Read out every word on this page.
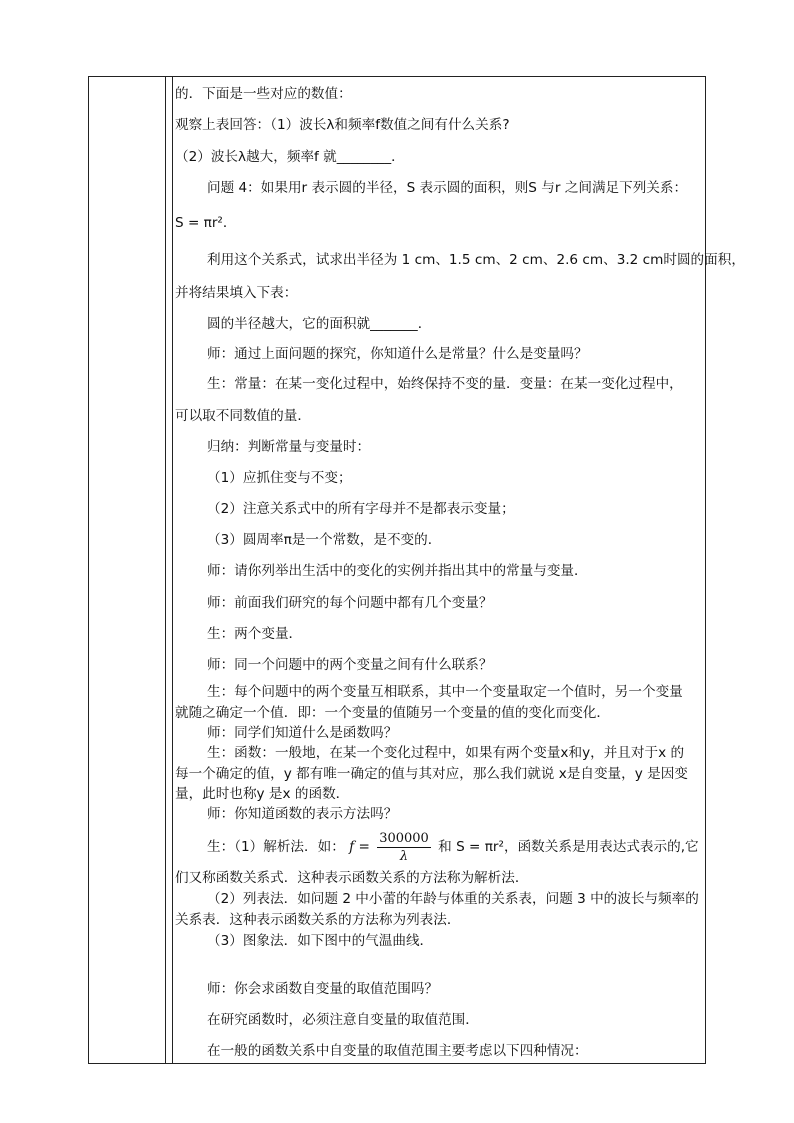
的．下面是一些对应的数值：
观察上表回答：（1）波长λ和频率f数值之间有什么关系?
（2）波长λ越大，频率f 就________．
问题 4：如果用r 表示圆的半径，S 表示圆的面积，则S 与r 之间满足下列关系：
S = πr²．
利用这个关系式，试求出半径为 1 cm、1.5 cm、2 cm、2.6 cm、3.2 cm时圆的面积，
并将结果填入下表：
圆的半径越大，它的面积就_______．
师：通过上面问题的探究，你知道什么是常量？什么是变量吗？
生：常量：在某一变化过程中，始终保持不变的量．变量：在某一变化过程中，
可以取不同数值的量．
归纳：判断常量与变量时：
（1）应抓住变与不变；
（2）注意关系式中的所有字母并不是都表示变量；
（3）圆周率π是一个常数，是不变的．
师：请你列举出生活中的变化的实例并指出其中的常量与变量．
师：前面我们研究的每个问题中都有几个变量？
生：两个变量．
师：同一个问题中的两个变量之间有什么联系？
生：每个问题中的两个变量互相联系，其中一个变量取定一个值时，另一个变量
就随之确定一个值．即：一个变量的值随另一个变量的值的变化而变化．
师：同学们知道什么是函数吗？
生：函数：一般地，在某一个变化过程中，如果有两个变量x和y，并且对于x 的
每一个确定的值，y 都有唯一确定的值与其对应，那么我们就说 x是自变量，y 是因变
量，此时也称y 是x 的函数．
师：你知道函数的表示方法吗？
生：（1）解析法．如： $f = \frac{300000}{\lambda}$ 和 S = πr²，函数关系是用表达式表示的,它
们又称函数关系式．这种表示函数关系的方法称为解析法．
（2）列表法．如问题 2 中小蕾的年龄与体重的关系表，问题 3 中的波长与频率的
关系表．这种表示函数关系的方法称为列表法．
（3）图象法．如下图中的气温曲线．
师：你会求函数自变量的取值范围吗？
在研究函数时，必须注意自变量的取值范围．
在一般的函数关系中自变量的取值范围主要考虑以下四种情况：
